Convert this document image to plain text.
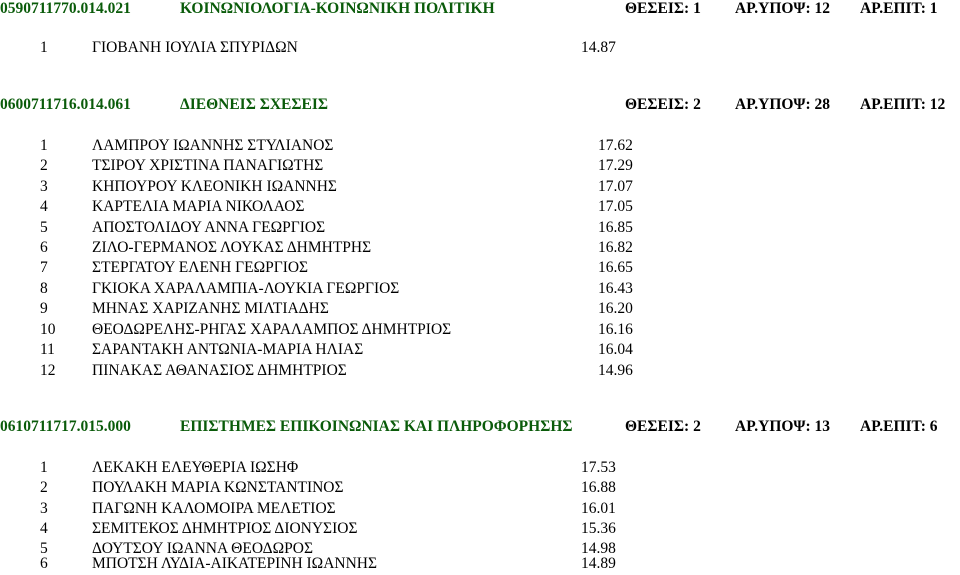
0590711770.014.021	ΚΟΙΝΩΝΙΟΛΟΓΙΑ-ΚΟΙΝΩΝΙΚΗ ΠΟΛΙΤΙΚΗ	ΘΕΣΕΙΣ: 1 ΑΡ.ΥΠΟΨ: 12 ΑΡ.ΕΠΙΤ: 1
1	ΓΙΟΒΑΝΗ ΙΟΥΛΙΑ ΣΠΥΡΙΔΩΝ	14.87
0600711716.014.061	ΔΙΕΘΝΕΙΣ ΣΧΕΣΕΙΣ	ΘΕΣΕΙΣ: 2 ΑΡ.ΥΠΟΨ: 28 ΑΡ.ΕΠΙΤ: 12
1	ΛΑΜΠΡΟΥ ΙΩΑΝΝΗΣ ΣΤΥΛΙΑΝΟΣ	17.62
2	ΤΣΙΡΟΥ ΧΡΙΣΤΙΝΑ ΠΑΝΑΓΙΩΤΗΣ	17.29
3	ΚΗΠΟΥΡΟΥ ΚΛΕΟΝΙΚΗ ΙΩΑΝΝΗΣ	17.07
4	ΚΑΡΤΕΛΙΑ ΜΑΡΙΑ ΝΙΚΟΛΑΟΣ	17.05
5	ΑΠΟΣΤΟΛΙΔΟΥ ΑΝΝΑ ΓΕΩΡΓΙΟΣ	16.85
6	ΖΙΛΟ-ΓΕΡΜΑΝΟΣ ΛΟΥΚΑΣ ΔΗΜΗΤΡΗΣ	16.82
7	ΣΤΕΡΓΑΤΟΥ ΕΛΕΝΗ ΓΕΩΡΓΙΟΣ	16.65
8	ΓΚΙΟΚΑ ΧΑΡΑΛΑΜΠΙΑ-ΛΟΥΚΙΑ ΓΕΩΡΓΙΟΣ	16.43
9	ΜΗΝΑΣ ΧΑΡΙΖΑΝΗΣ ΜΙΛΤΙΑΔΗΣ	16.20
10	ΘΕΟΔΩΡΕΛΗΣ-ΡΗΓΑΣ ΧΑΡΑΛΑΜΠΟΣ ΔΗΜΗΤΡΙΟΣ	16.16
11	ΣΑΡΑΝΤΑΚΗ ΑΝΤΩΝΙΑ-ΜΑΡΙΑ ΗΛΙΑΣ	16.04
12	ΠΙΝΑΚΑΣ ΑΘΑΝΑΣΙΟΣ ΔΗΜΗΤΡΙΟΣ	14.96
0610711717.015.000	ΕΠΙΣΤΗΜΕΣ ΕΠΙΚΟΙΝΩΝΙΑΣ ΚΑΙ ΠΛΗΡΟΦΟΡΗΣΗΣ	ΘΕΣΕΙΣ: 2 ΑΡ.ΥΠΟΨ: 13 ΑΡ.ΕΠΙΤ: 6
1	ΛΕΚΑΚΗ ΕΛΕΥΘΕΡΙΑ ΙΩΣΗΦ	17.53
2	ΠΟΥΛΑΚΗ ΜΑΡΙΑ ΚΩΝΣΤΑΝΤΙΝΟΣ	16.88
3	ΠΑΓΩΝΗ ΚΑΛΟΜΟΙΡΑ ΜΕΛΕΤΙΟΣ	16.01
4	ΣΕΜΙΤΕΚΟΣ ΔΗΜΗΤΡΙΟΣ ΔΙΟΝΥΣΙΟΣ	15.36
5	ΔΟΥΤΣΟΥ ΙΩΑΝΝΑ ΘΕΟΔΩΡΟΣ	14.98
6	ΜΠΟΤΣΗ ΛΥΔΙΑ-ΑΙΚΑΤΕΡΙΝΗ ΙΩΑΝΝΗΣ	14.89
